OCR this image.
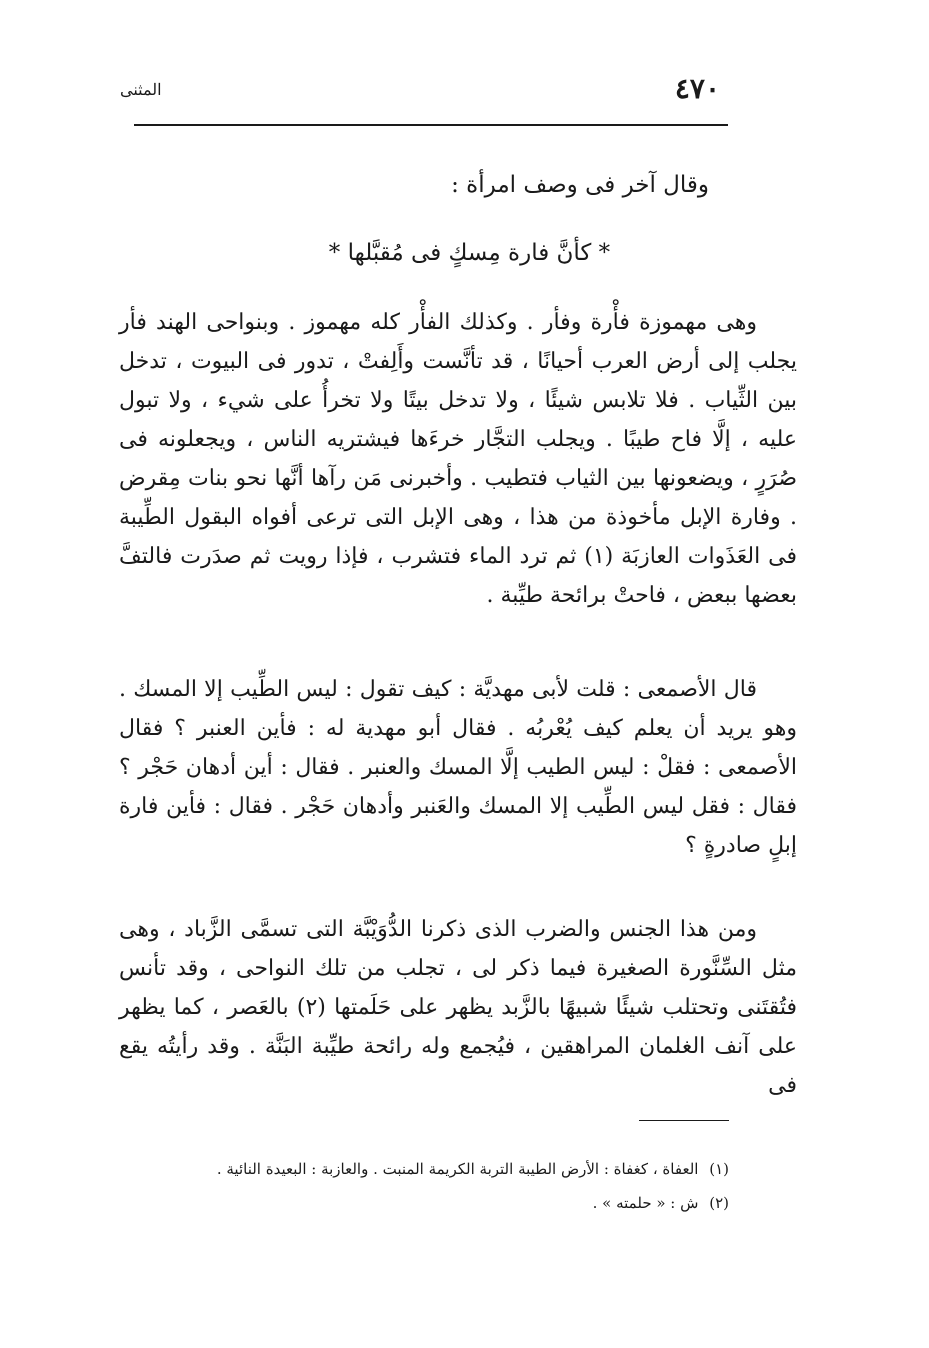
٤٧٠
المثنى
وقال آخر فى وصف امرأة :
* كأنَّ فارة مِسكٍ فى مُقبَّلها *

وهى مهموزة فأْرة وفأر . وكذلك الفأْر كله مهموز . وبنواحى الهند فأر يجلب إلى أرض العرب أحيانًا ، قد تأنَّست وأَلِفتْ ، تدور فى البيوت ، تدخل بين الثِّياب . فلا تلابس شيئًا ، ولا تدخل بيتًا ولا تخرأُ على شيء ، ولا تبول عليه ، إلَّا فاح طيبًا . ويجلب التجَّار خرءَها فيشتريه الناس ، ويجعلونه فى صُرَرٍ ، ويضعونها بين الثياب فتطيب . وأخبرنى مَن رآها أنَّها نحو بنات مِقرض . وفارة الإبل مأخوذة من هذا ، وهى الإبل التى ترعى أفواه البقول الطِّيبة فى العَذَوات العازبَة (١) ثم ترد الماء فتشرب ، فإذا رويت ثم صدَرت فالتفَّ بعضها ببعض ، فاحتْ برائحة طيِّبة .

قال الأصمعى : قلت لأبى مهديَّة : كيف تقول : ليس الطِّيب إلا المسك . وهو يريد أن يعلم كيف يُعْربُه . فقال أبو مهدية له : فأين العنبر ؟ فقال الأصمعى : فقلْ : ليس الطيب إلَّا المسك والعنبر . فقال : أين أدهان حَجْر ؟ فقال : فقل ليس الطِّيب إلا المسك والعَنبر وأدهان حَجْر . فقال : فأين فارة إبلٍ صادرةٍ ؟

ومن هذا الجنس والضرب الذى ذكرنا الدُّوَيْبَّة التى تسمَّى الزَّباد ، وهى مثل السِّنَّورة الصغيرة فيما ذكر لى ، تجلب من تلك النواحى ، وقد تأنس فتُقتَنى وتحتلب شيئًا شبيهًا بالزَّبد يظهر على حَلَمتها (٢) بالعَصر ، كما يظهر على آنف الغلمان المراهقين ، فيُجمع وله رائحة طيِّبة البَنَّة . وقد رأيتُه يقع فى

(١) العفاة ، كغفاة : الأرض الطيبة التربة الكريمة المنبت . والعازبة : البعيدة النائية .
(٢) ش : « حلمته » .
